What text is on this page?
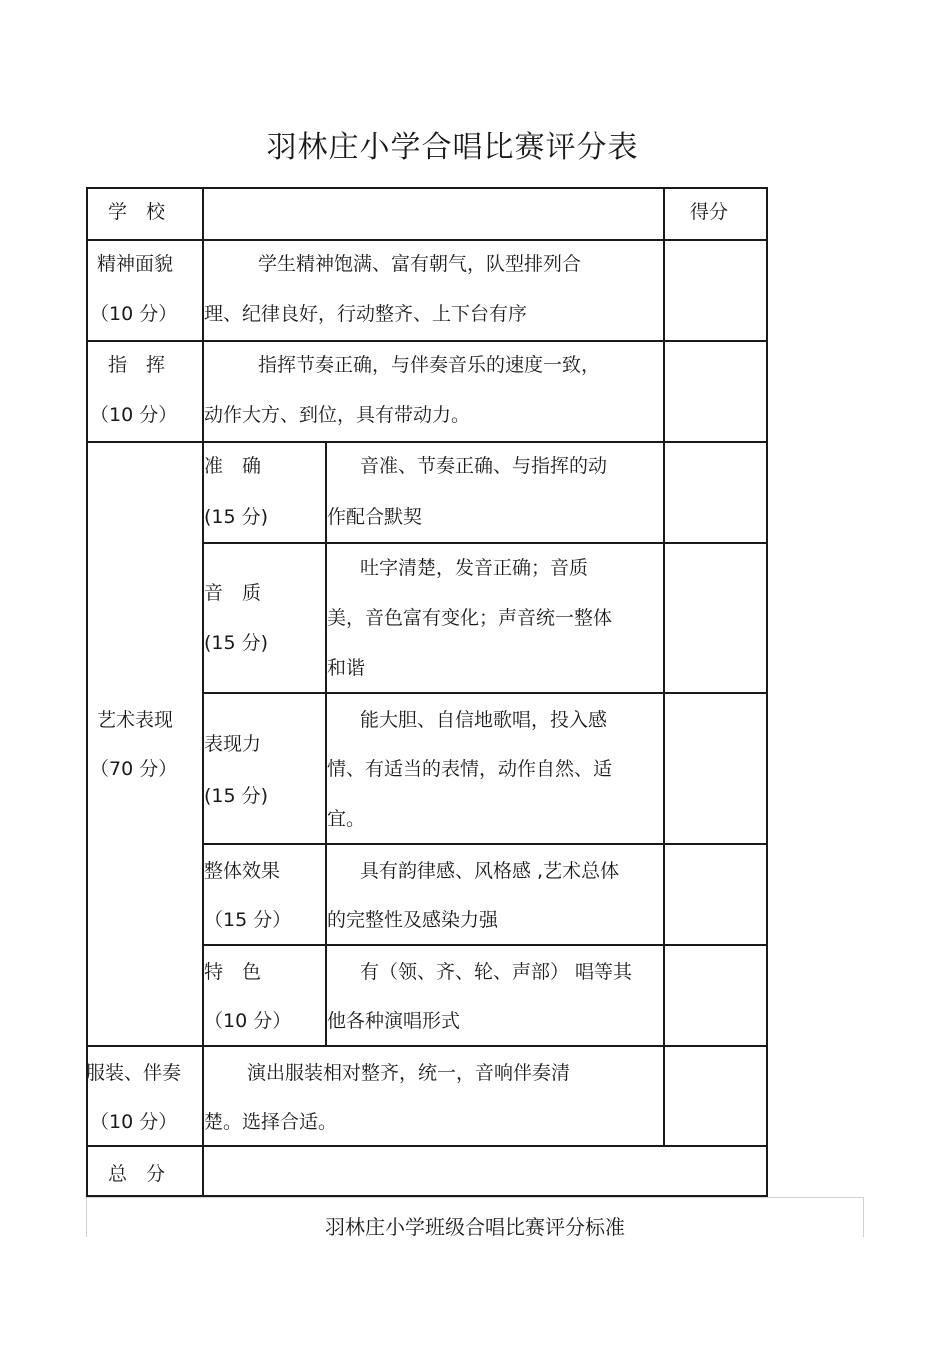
羽林庄小学合唱比赛评分表
学　校	得分
精神面貌
（10 分）
学生精神饱满、富有朝气，队型排列合
理、纪律良好，行动整齐、上下台有序
指　挥
（10 分）
指挥节奏正确，与伴奏音乐的速度一致，
动作大方、到位，具有带动力。
艺术表现
（70 分）
准　确
(15 分)
音准、节奏正确、与指挥的动
作配合默契
音　质
(15 分)
吐字清楚，发音正确；音质
美，音色富有变化；声音统一整体
和谐
表现力
(15 分)
能大胆、自信地歌唱，投入感
情、有适当的表情，动作自然、适
宜。
整体效果
（15 分）
具有韵律感、风格感 ,艺术总体
的完整性及感染力强
特　色
（10 分）
有（领、齐、轮、声部） 唱等其
他各种演唱形式
服装、伴奏
（10 分）
演出服装相对整齐，统一，音响伴奏清
楚。选择合适。
总　分
羽林庄小学班级合唱比赛评分标准
